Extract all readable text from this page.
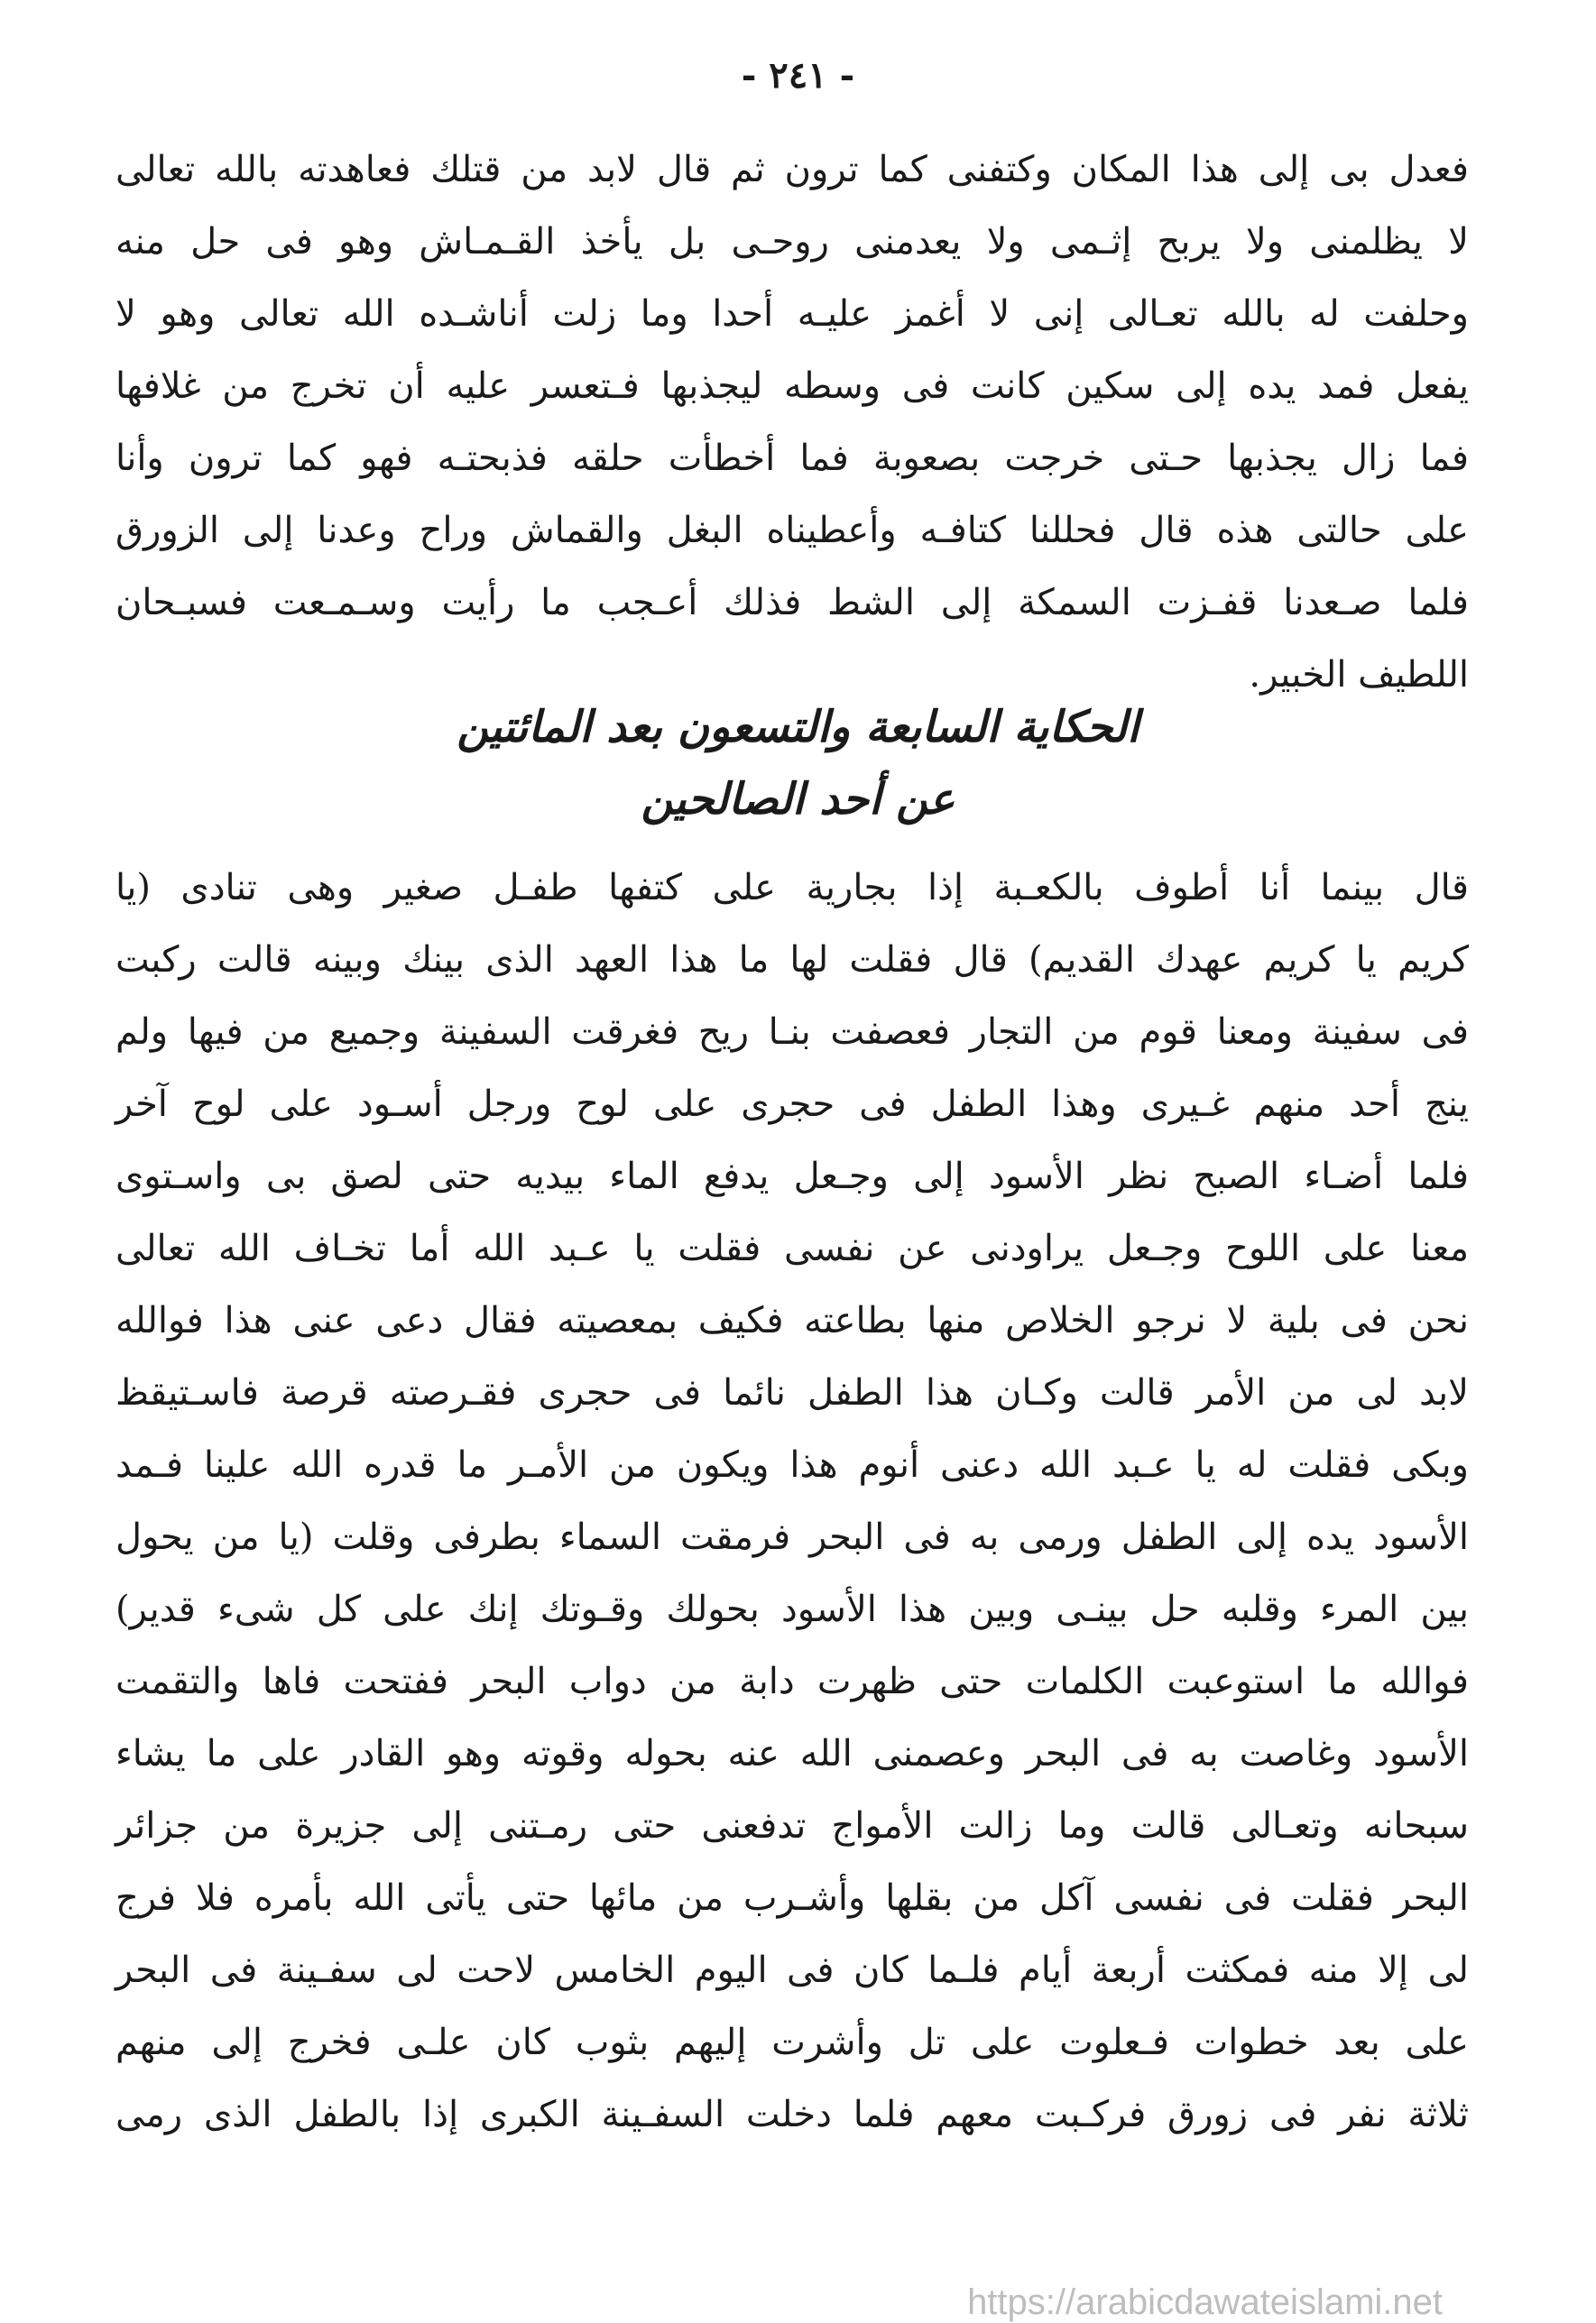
- ٢٤١ -
فعدل بى إلى هذا المكان وكتفنى كما ترون ثم قال لابد من قتلك فعاهدته بالله تعالى
لا يظلمنى ولا يربح إثـمى ولا يعدمنى روحـى بل يأخذ القـمـاش وهو فى حل منه
وحلفت له بالله تعـالى إنى لا أغمز عليـه أحدا وما زلت أناشـده الله تعالى وهو لا
يفعل فمد يده إلى سكين كانت فى وسطه ليجذبها فـتعسر عليه أن تخرج من غلافها
فما زال يجذبها حـتى خرجت بصعوبة فما أخطأت حلقه فذبحتـه فهو كما ترون وأنا
على حالتى هذه قال فحللنا كتافـه وأعطيناه البغل والقماش وراح وعدنا إلى الزورق
فلما صـعدنا قفـزت السمكة إلى الشط فذلك أعـجب ما رأيت وسـمـعت فسبـحان
اللطيف الخبير.
الحكاية السابعة والتسعون بعد المائتين
عن أحد الصالحين
قال بينما أنا أطوف بالكعـبة إذا بجارية على كتفها طفـل صغير وهى تنادى (يا
كريم يا كريم عهدك القديم) قال فقلت لها ما هذا العهد الذى بينك وبينه قالت ركبت
فى سفينة ومعنا قوم من التجار فعصفت بنـا ريح فغرقت السفينة وجميع من فيها ولم
ينج أحد منهم غـيرى وهذا الطفل فى حجرى على لوح ورجل أسـود على لوح آخر
فلما أضـاء الصبح نظر الأسود إلى وجـعل يدفع الماء بيديه حتى لصق بى واسـتوى
معنا على اللوح وجـعل يراودنى عن نفسى فقلت يا عـبد الله أما تخـاف الله تعالى
نحن فى بلية لا نرجو الخلاص منها بطاعته فكيف بمعصيته فقال دعى عنى هذا فوالله
لابد لى من الأمر قالت وكـان هذا الطفل نائما فى حجرى فقـرصته قرصة فاسـتيقظ
وبكى فقلت له يا عـبد الله دعنى أنوم هذا ويكون من الأمـر ما قدره الله علينا فـمد
الأسود يده إلى الطفل ورمى به فى البحر فرمقت السماء بطرفى وقلت (يا من يحول
بين المرء وقلبه حل بينـى وبين هذا الأسود بحولك وقـوتك إنك على كل شىء قدير)
فوالله ما استوعبت الكلمات حتى ظهرت دابة من دواب البحر ففتحت فاها والتقمت
الأسود وغاصت به فى البحر وعصمنى الله عنه بحوله وقوته وهو القادر على ما يشاء
سبحانه وتعـالى قالت وما زالت الأمواج تدفعنى حتى رمـتنى إلى جزيرة من جزائر
البحر فقلت فى نفسى آكل من بقلها وأشـرب من مائها حتى يأتى الله بأمره فلا فرج
لى إلا منه فمكثت أربعة أيام فلـما كان فى اليوم الخامس لاحت لى سفـينة فى البحر
على بعد خطوات فـعلوت على تل وأشرت إليهم بثوب كان علـى فخرج إلى منهم
ثلاثة نفر فى زورق فركـبت معهم فلما دخلت السفـينة الكبرى إذا بالطفل الذى رمى
https://arabicdawateislami.net
